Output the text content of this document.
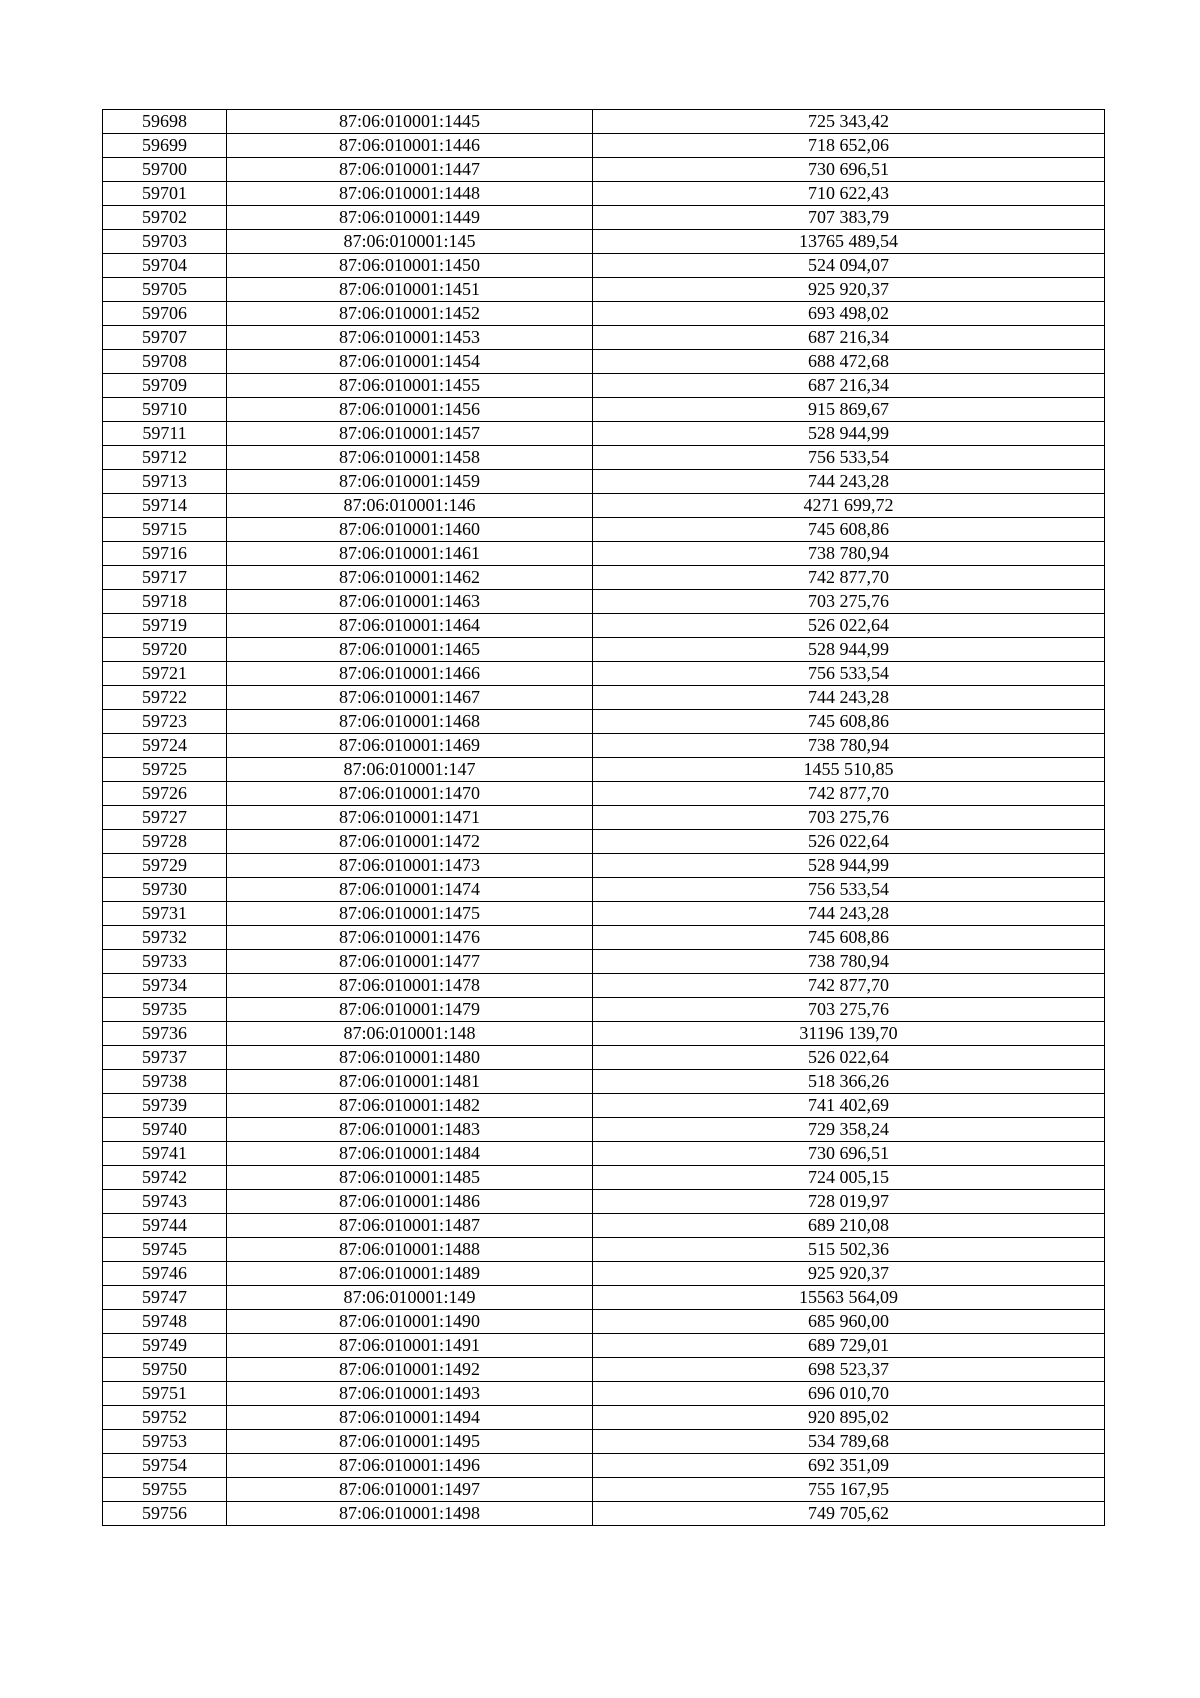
59698	87:06:010001:1445	725 343,42
59699	87:06:010001:1446	718 652,06
59700	87:06:010001:1447	730 696,51
59701	87:06:010001:1448	710 622,43
59702	87:06:010001:1449	707 383,79
59703	87:06:010001:145	13765 489,54
59704	87:06:010001:1450	524 094,07
59705	87:06:010001:1451	925 920,37
59706	87:06:010001:1452	693 498,02
59707	87:06:010001:1453	687 216,34
59708	87:06:010001:1454	688 472,68
59709	87:06:010001:1455	687 216,34
59710	87:06:010001:1456	915 869,67
59711	87:06:010001:1457	528 944,99
59712	87:06:010001:1458	756 533,54
59713	87:06:010001:1459	744 243,28
59714	87:06:010001:146	4271 699,72
59715	87:06:010001:1460	745 608,86
59716	87:06:010001:1461	738 780,94
59717	87:06:010001:1462	742 877,70
59718	87:06:010001:1463	703 275,76
59719	87:06:010001:1464	526 022,64
59720	87:06:010001:1465	528 944,99
59721	87:06:010001:1466	756 533,54
59722	87:06:010001:1467	744 243,28
59723	87:06:010001:1468	745 608,86
59724	87:06:010001:1469	738 780,94
59725	87:06:010001:147	1455 510,85
59726	87:06:010001:1470	742 877,70
59727	87:06:010001:1471	703 275,76
59728	87:06:010001:1472	526 022,64
59729	87:06:010001:1473	528 944,99
59730	87:06:010001:1474	756 533,54
59731	87:06:010001:1475	744 243,28
59732	87:06:010001:1476	745 608,86
59733	87:06:010001:1477	738 780,94
59734	87:06:010001:1478	742 877,70
59735	87:06:010001:1479	703 275,76
59736	87:06:010001:148	31196 139,70
59737	87:06:010001:1480	526 022,64
59738	87:06:010001:1481	518 366,26
59739	87:06:010001:1482	741 402,69
59740	87:06:010001:1483	729 358,24
59741	87:06:010001:1484	730 696,51
59742	87:06:010001:1485	724 005,15
59743	87:06:010001:1486	728 019,97
59744	87:06:010001:1487	689 210,08
59745	87:06:010001:1488	515 502,36
59746	87:06:010001:1489	925 920,37
59747	87:06:010001:149	15563 564,09
59748	87:06:010001:1490	685 960,00
59749	87:06:010001:1491	689 729,01
59750	87:06:010001:1492	698 523,37
59751	87:06:010001:1493	696 010,70
59752	87:06:010001:1494	920 895,02
59753	87:06:010001:1495	534 789,68
59754	87:06:010001:1496	692 351,09
59755	87:06:010001:1497	755 167,95
59756	87:06:010001:1498	749 705,62
